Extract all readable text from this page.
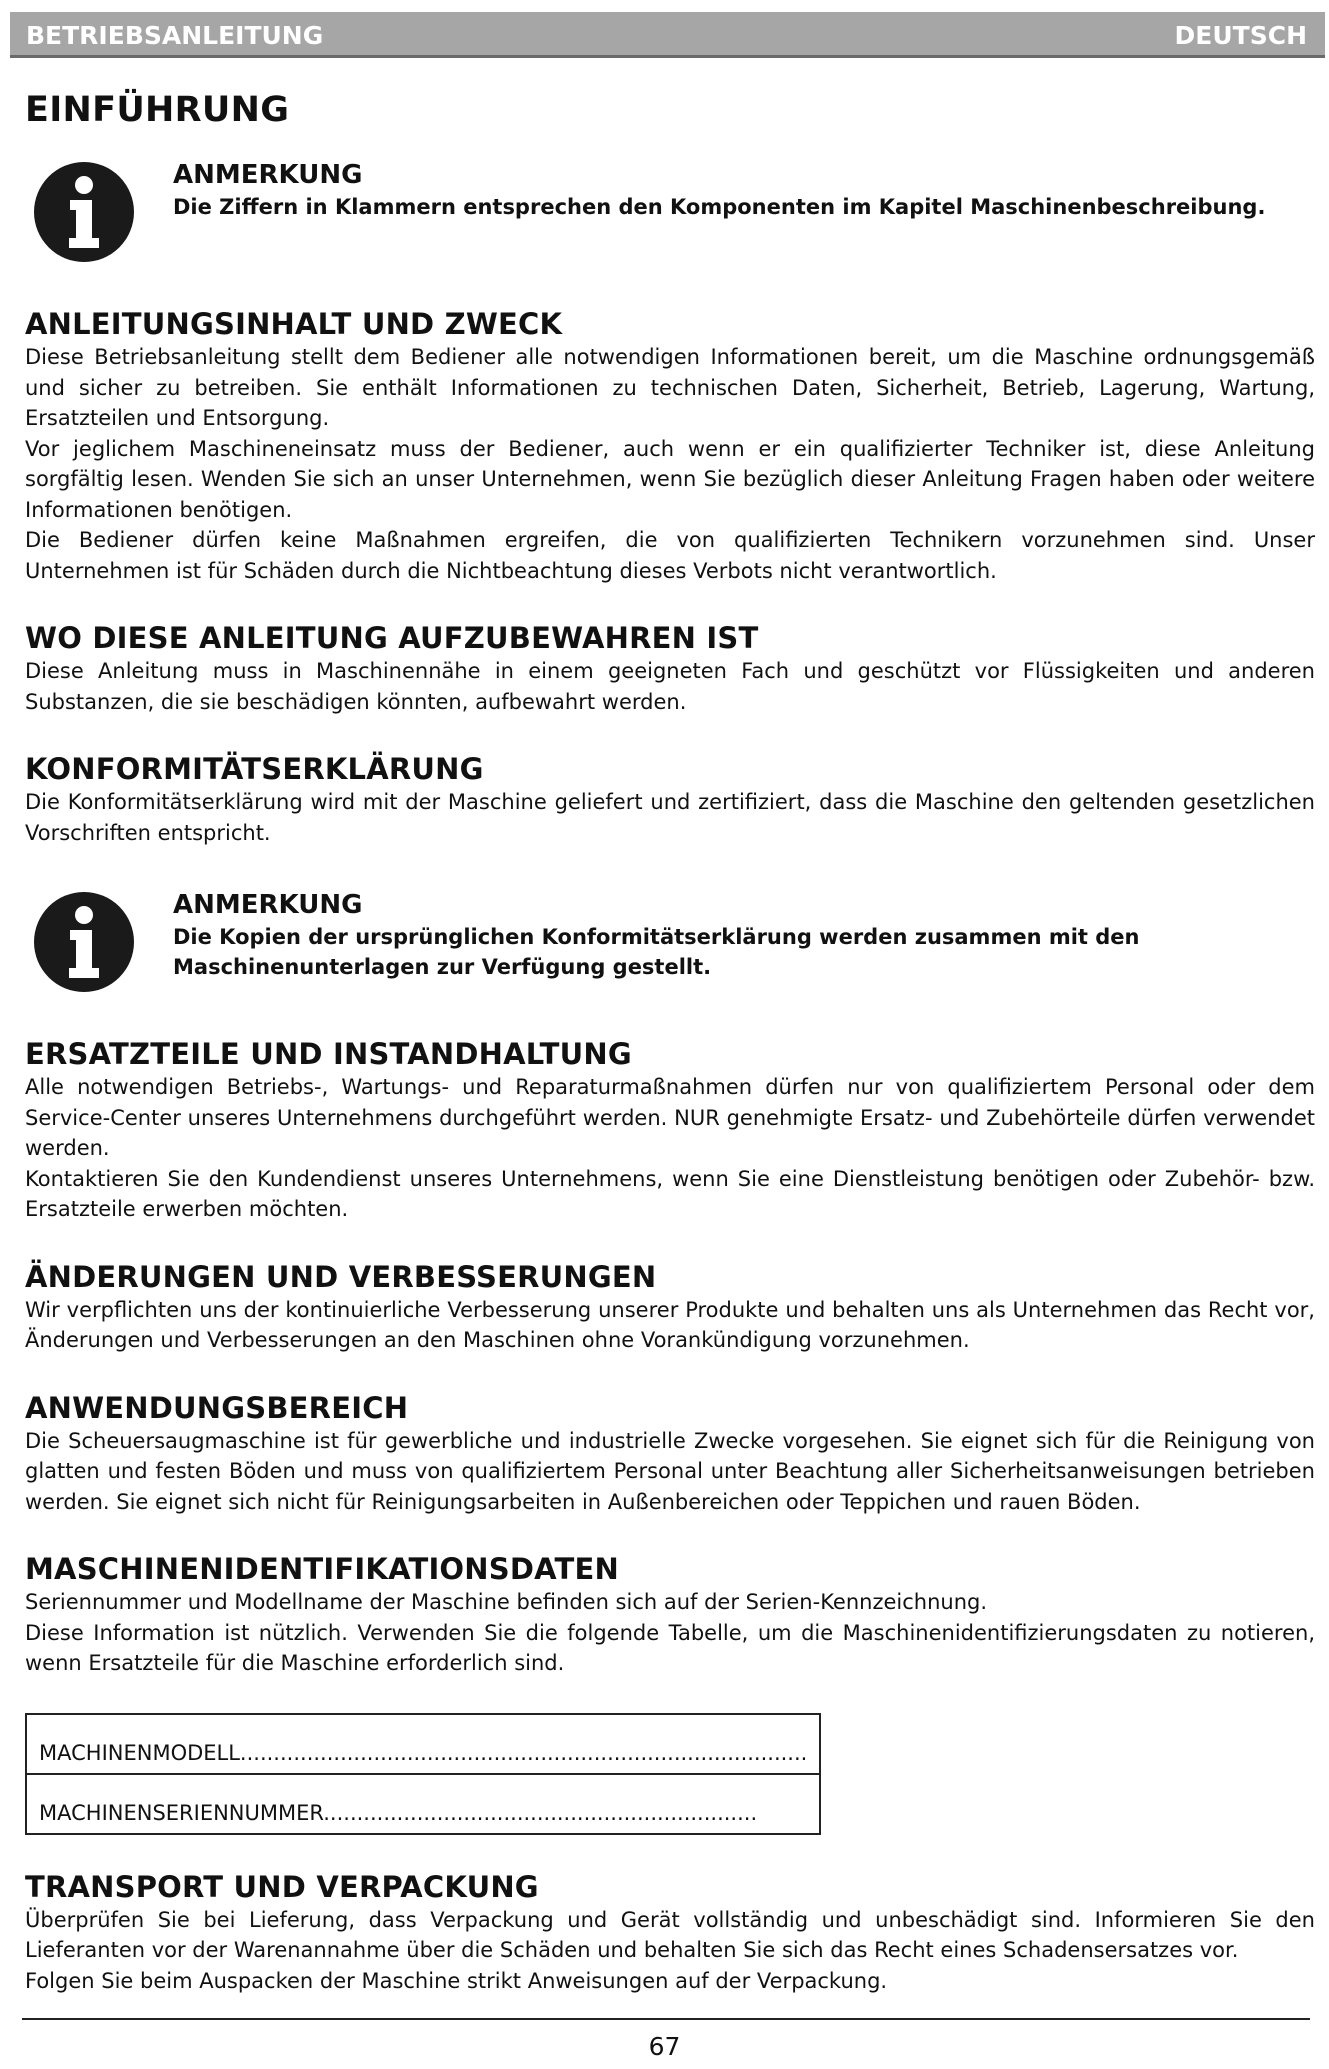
BETRIEBSANLEITUNG	DEUTSCH
EINFÜHRUNG
ANMERKUNG
Die Ziffern in Klammern entsprechen den Komponenten im Kapitel Maschinenbeschreibung.
ANLEITUNGSINHALT UND ZWECK

Diese Betriebsanleitung stellt dem Bediener alle notwendigen Informationen bereit, um die Maschine ordnungsgemäß und sicher zu betreiben. Sie enthält Informationen zu technischen Daten, Sicherheit, Betrieb, Lagerung, Wartung, Ersatzteilen und Entsorgung.

Vor jeglichem Maschineneinsatz muss der Bediener, auch wenn er ein qualifizierter Techniker ist, diese Anleitung sorgfältig lesen. Wenden Sie sich an unser Unternehmen, wenn Sie bezüglich dieser Anleitung Fragen haben oder weitere Informationen benötigen.

Die Bediener dürfen keine Maßnahmen ergreifen, die von qualifizierten Technikern vorzunehmen sind. Unser Unternehmen ist für Schäden durch die Nichtbeachtung dieses Verbots nicht verantwortlich.

WO DIESE ANLEITUNG AUFZUBEWAHREN IST

Diese Anleitung muss in Maschinennähe in einem geeigneten Fach und geschützt vor Flüssigkeiten und anderen Substanzen, die sie beschädigen könnten, aufbewahrt werden.

KONFORMITÄTSERKLÄRUNG

Die Konformitätserklärung wird mit der Maschine geliefert und zertifiziert, dass die Maschine den geltenden gesetzlichen Vorschriften entspricht.

ANMERKUNG
Die Kopien der ursprünglichen Konformitätserklärung werden zusammen mit den Maschinenunterlagen zur Verfügung gestellt.
ERSATZTEILE UND INSTANDHALTUNG

Alle notwendigen Betriebs-, Wartungs- und Reparaturmaßnahmen dürfen nur von qualifiziertem Personal oder dem Service-Center unseres Unternehmens durchgeführt werden. NUR genehmigte Ersatz- und Zubehörteile dürfen verwendet werden.

Kontaktieren Sie den Kundendienst unseres Unternehmens, wenn Sie eine Dienstleistung benötigen oder Zubehör- bzw. Ersatzteile erwerben möchten.

ÄNDERUNGEN UND VERBESSERUNGEN

Wir verpflichten uns der kontinuierliche Verbesserung unserer Produkte und behalten uns als Unternehmen das Recht vor, Änderungen und Verbesserungen an den Maschinen ohne Vorankündigung vorzunehmen.

ANWENDUNGSBEREICH

Die Scheuersaugmaschine ist für gewerbliche und industrielle Zwecke vorgesehen. Sie eignet sich für die Reinigung von glatten und festen Böden und muss von qualifiziertem Personal unter Beachtung aller Sicherheitsanweisungen betrieben werden. Sie eignet sich nicht für Reinigungsarbeiten in Außenbereichen oder Teppichen und rauen Böden.

MASCHINENIDENTIFIKATIONSDATEN

Seriennummer und Modellname der Maschine befinden sich auf der Serien-Kennzeichnung.

Diese Information ist nützlich. Verwenden Sie die folgende Tabelle, um die Maschinenidentifizierungsdaten zu notieren, wenn Ersatzteile für die Maschine erforderlich sind.

MACHINENMODELL.....................................................................................
MACHINENSERIENNUMMER.................................................................
TRANSPORT UND VERPACKUNG

Überprüfen Sie bei Lieferung, dass Verpackung und Gerät vollständig und unbeschädigt sind. Informieren Sie den Lieferanten vor der Warenannahme über die Schäden und behalten Sie sich das Recht eines Schadensersatzes vor.

Folgen Sie beim Auspacken der Maschine strikt Anweisungen auf der Verpackung.

67
